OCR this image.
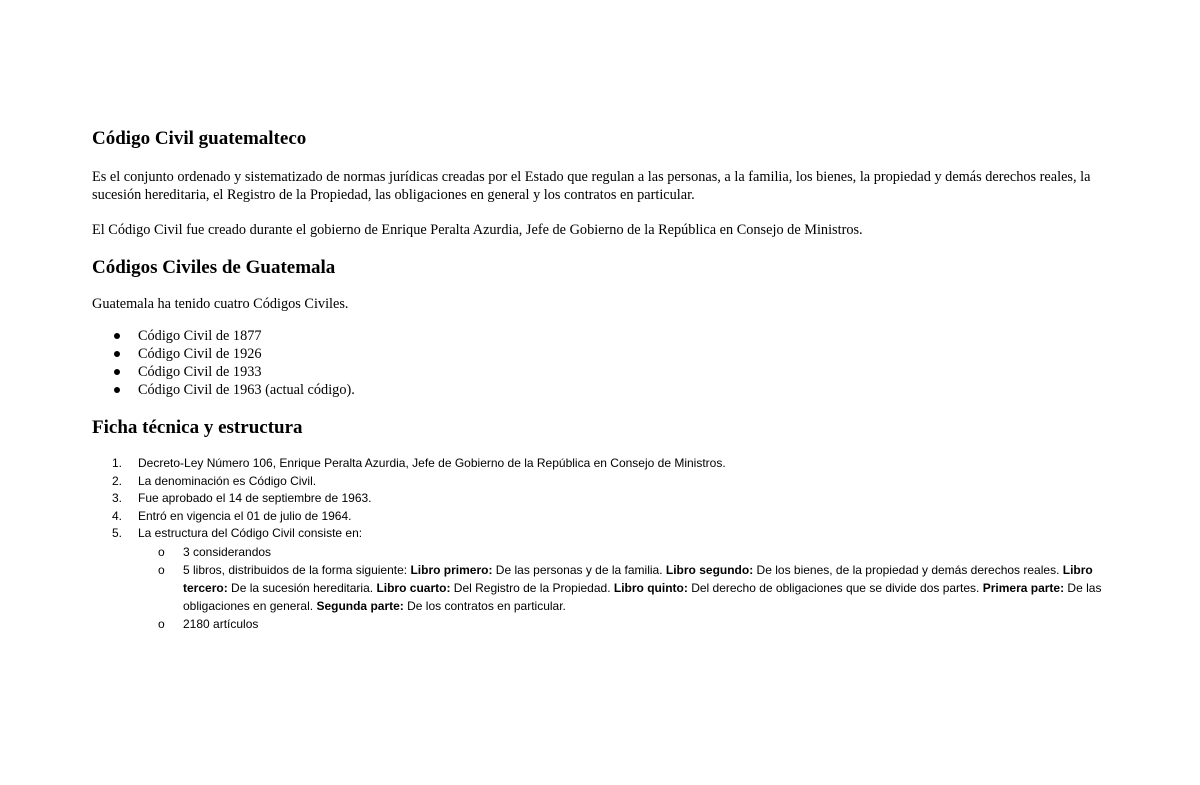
Código Civil guatemalteco

Es el conjunto ordenado y sistematizado de normas jurídicas creadas por el Estado que regulan a las personas, a la familia, los bienes, la propiedad y demás derechos reales, la sucesión hereditaria, el Registro de la Propiedad, las obligaciones en general y los contratos en particular.

El Código Civil fue creado durante el gobierno de Enrique Peralta Azurdia, Jefe de Gobierno de la República en Consejo de Ministros.

Códigos Civiles de Guatemala

Guatemala ha tenido cuatro Códigos Civiles.

Código Civil de 1877
Código Civil de 1926
Código Civil de 1933
Código Civil de 1963 (actual código).
Ficha técnica y estructura
1. Decreto-Ley Número 106, Enrique Peralta Azurdia, Jefe de Gobierno de la República en Consejo de Ministros.
2. La denominación es Código Civil.
3. Fue aprobado el 14 de septiembre de 1963.
4. Entró en vigencia el 01 de julio de 1964.
5. La estructura del Código Civil consiste en:
o 3 considerandos
o 5 libros, distribuidos de la forma siguiente: Libro primero: De las personas y de la familia. Libro segundo: De los bienes, de la propiedad y demás derechos reales. Libro tercero: De la sucesión hereditaria. Libro cuarto: Del Registro de la Propiedad. Libro quinto: Del derecho de obligaciones que se divide dos partes. Primera parte: De las obligaciones en general. Segunda parte: De los contratos en particular.
o 2180 artículos
